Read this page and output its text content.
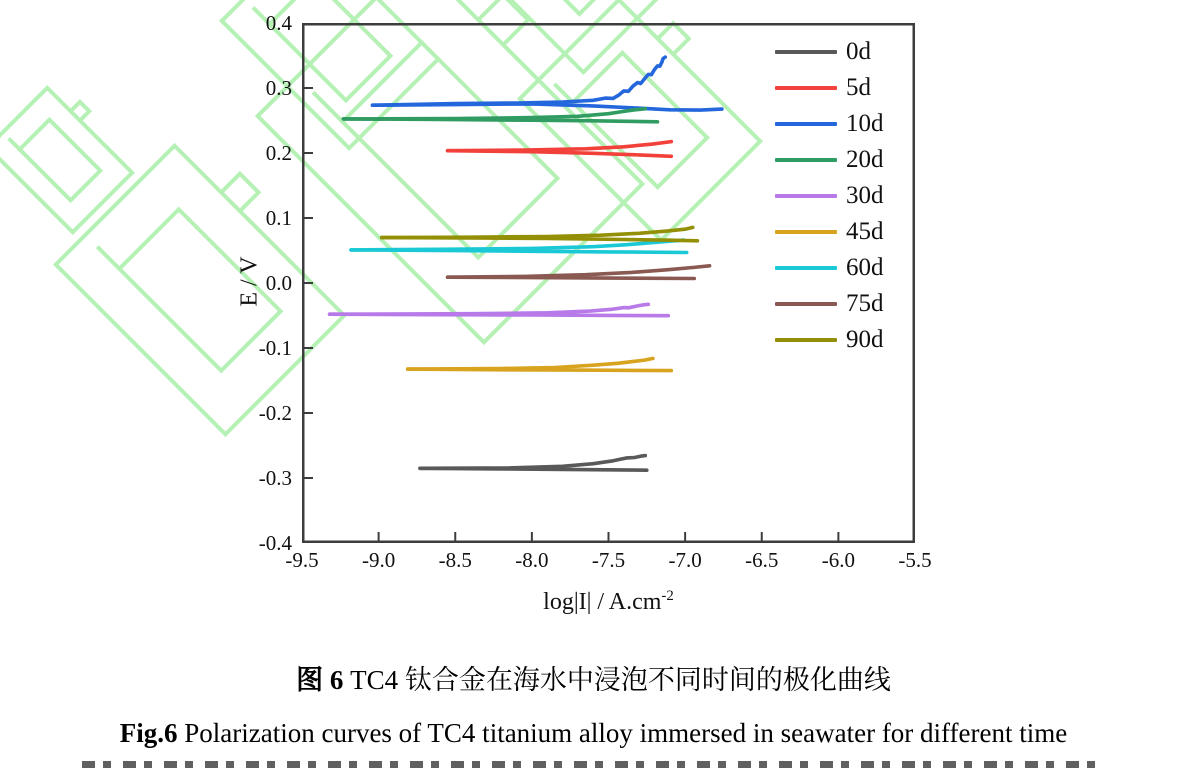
0.4
0.3
0.2
0.1
0.0
-0.1
-0.2
-0.3
-0.4
-9.5	-9.0	-8.5	-8.0	-7.5	-7.0	-6.5	-6.0	-5.5
E / V
$\log|I| / A.cm^{-2}$
0d
5d
10d
20d
30d
45d
60d
75d
90d
图 6 TC4 钛合金在海水中浸泡不同时间的极化曲线
Fig.6 Polarization curves of TC4 titanium alloy immersed in seawater for different time
